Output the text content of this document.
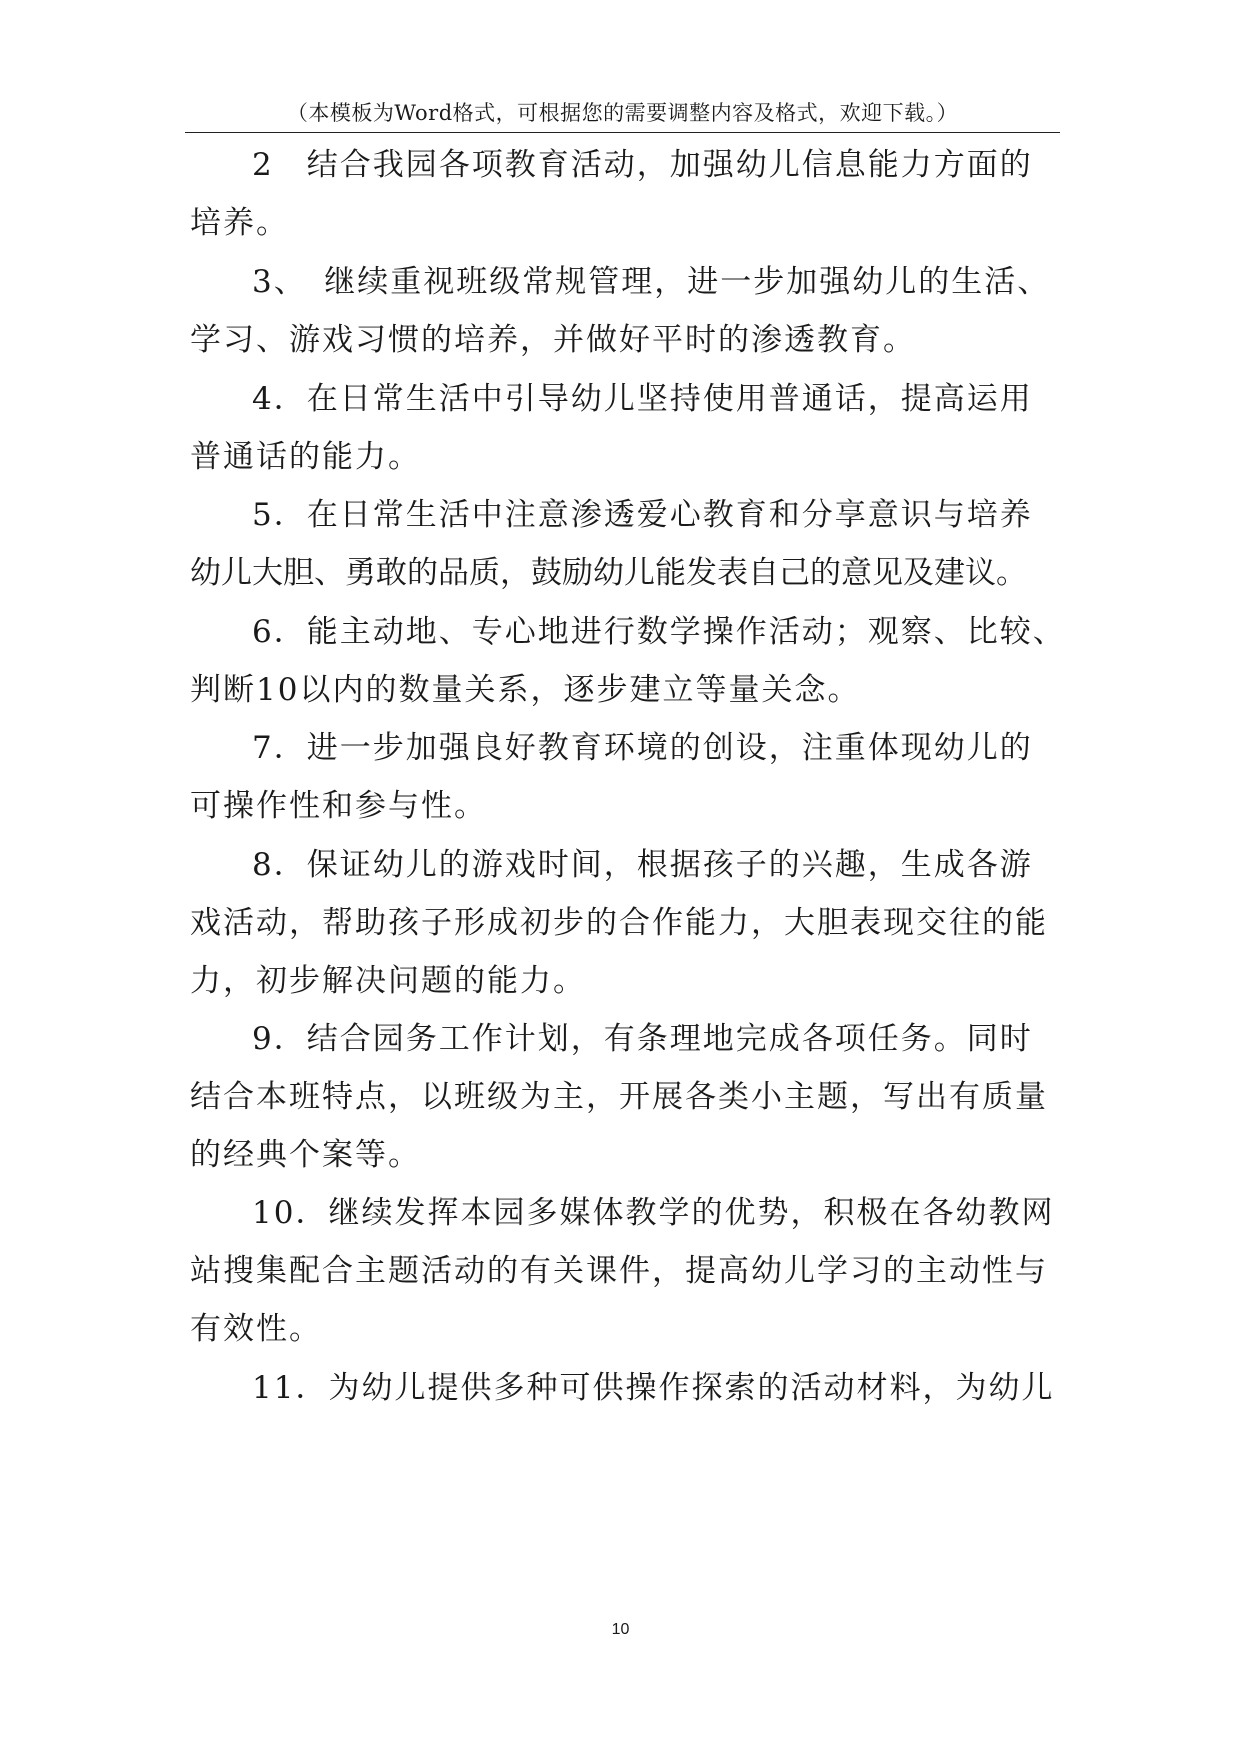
（本模板为Word格式，可根据您的需要调整内容及格式，欢迎下载。）
2　结合我园各项教育活动，加强幼儿信息能力方面的
培养。
3、　继续重视班级常规管理，进一步加强幼儿的生活、
学习、游戏习惯的培养，并做好平时的渗透教育。
4．在日常生活中引导幼儿坚持使用普通话，提高运用
普通话的能力。
5．在日常生活中注意渗透爱心教育和分享意识与培养
幼儿大胆、勇敢的品质，鼓励幼儿能发表自己的意见及建议。
6．能主动地、专心地进行数学操作活动；观察、比较、
判断10以内的数量关系，逐步建立等量关念。
7．进一步加强良好教育环境的创设，注重体现幼儿的
可操作性和参与性。
8．保证幼儿的游戏时间，根据孩子的兴趣，生成各游
戏活动，帮助孩子形成初步的合作能力，大胆表现交往的能
力，初步解决问题的能力。
9．结合园务工作计划，有条理地完成各项任务。同时
结合本班特点，以班级为主，开展各类小主题，写出有质量
的经典个案等。
10．继续发挥本园多媒体教学的优势，积极在各幼教网
站搜集配合主题活动的有关课件，提高幼儿学习的主动性与
有效性。
11．为幼儿提供多种可供操作探索的活动材料，为幼儿
10
